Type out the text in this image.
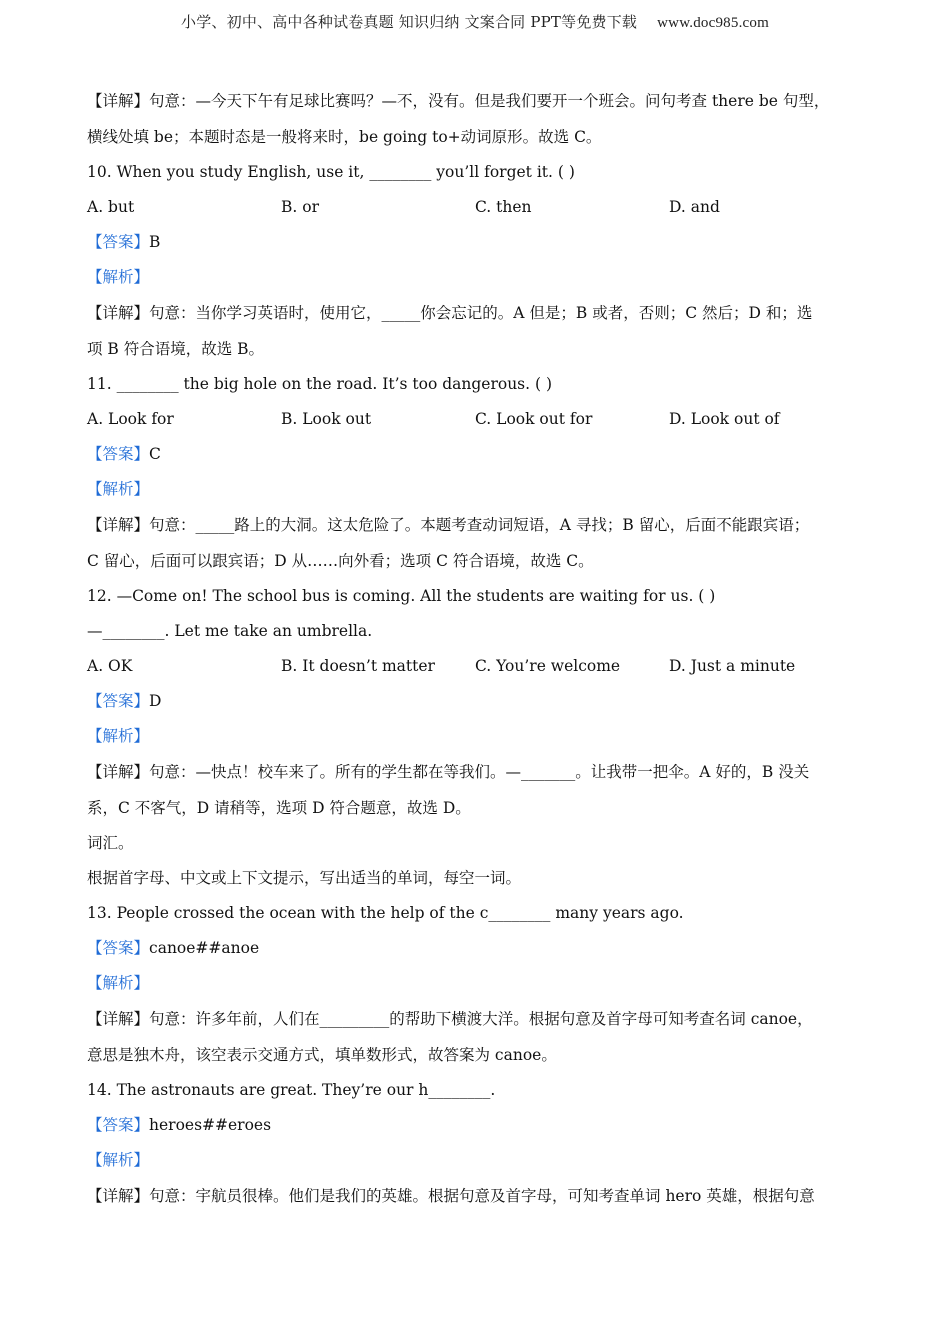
小学、初中、高中各种试卷真题 知识归纳 文案合同 PPT等免费下载 www.doc985.com
【详解】句意：—今天下午有足球比赛吗？—不，没有。但是我们要开一个班会。问句考查 there be 句型，
横线处填 be；本题时态是一般将来时，be going to+动词原形。故选 C。
10. When you study English, use it, ________ you’ll forget it. ( )
A. but	B. or	C. then	D. and
【答案】B
【解析】
【详解】句意：当你学习英语时，使用它，_____你会忘记的。A 但是；B 或者，否则；C 然后；D 和；选
项 B 符合语境，故选 B。
11. ________ the big hole on the road. It’s too dangerous. ( )
A. Look for	B. Look out	C. Look out for	D. Look out of
【答案】C
【解析】
【详解】句意：_____路上的大洞。这太危险了。本题考查动词短语，A 寻找；B 留心，后面不能跟宾语；
C 留心，后面可以跟宾语；D 从……向外看；选项 C 符合语境，故选 C。
12. —Come on! The school bus is coming. All the students are waiting for us. ( )
—________. Let me take an umbrella.
A. OK	B. It doesn’t matter	C. You’re welcome	D. Just a minute
【答案】D
【解析】
【详解】句意：—快点！校车来了。所有的学生都在等我们。—_______。让我带一把伞。A 好的，B 没关
系，C 不客气，D 请稍等，选项 D 符合题意，故选 D。
词汇。
根据首字母、中文或上下文提示，写出适当的单词，每空一词。
13. People crossed the ocean with the help of the c________ many years ago.
【答案】canoe##anoe
【解析】
【详解】句意：许多年前，人们在_________的帮助下横渡大洋。根据句意及首字母可知考查名词 canoe，
意思是独木舟，该空表示交通方式，填单数形式，故答案为 canoe。
14. The astronauts are great. They’re our h________.
【答案】heroes##eroes
【解析】
【详解】句意：宇航员很棒。他们是我们的英雄。根据句意及首字母，可知考查单词 hero 英雄，根据句意
